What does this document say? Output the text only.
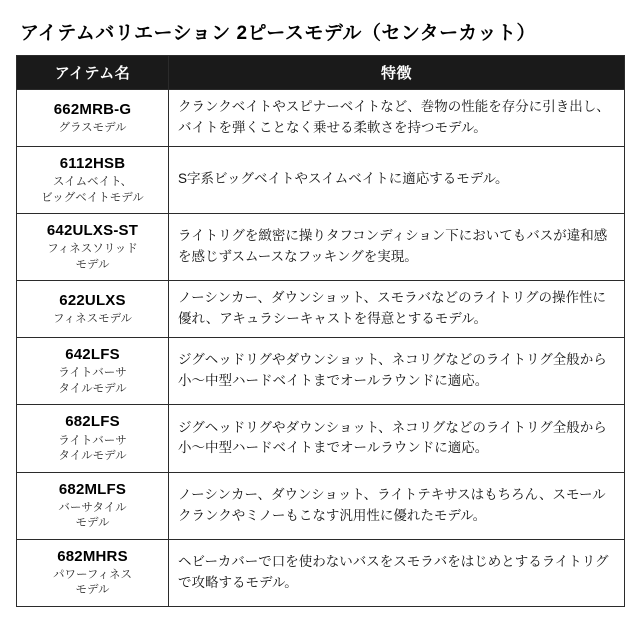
アイテムバリエーション 2ピースモデル（センターカット）
アイテム名	特徴

662MRB-G
グラスモデル	クランクベイトやスピナーベイトなど、巻物の性能を存分に引き出し、バイトを弾くことなく乗せる柔軟さを持つモデル。

6112HSB
スイムベイト、
ビッグベイトモデル	S字系ビッグベイトやスイムベイトに適応するモデル。

642ULXS-ST
フィネスソリッド
モデル	ライトリグを緻密に操りタフコンディション下においてもバスが違和感を感じずスムースなフッキングを実現。

622ULXS
フィネスモデル	ノーシンカー、ダウンショット、スモラバなどのライトリグの操作性に優れ、アキュラシーキャストを得意とするモデル。

642LFS
ライトバーサ
タイルモデル	ジグヘッドリグやダウンショット、ネコリグなどのライトリグ全般から小〜中型ハードベイトまでオールラウンドに適応。

682LFS
ライトバーサ
タイルモデル	ジグヘッドリグやダウンショット、ネコリグなどのライトリグ全般から小〜中型ハードベイトまでオールラウンドに適応。

682MLFS
バーサタイル
モデル	ノーシンカー、ダウンショット、ライトテキサスはもちろん、スモールクランクやミノーもこなす汎用性に優れたモデル。

682MHRS
パワーフィネス
モデル	ヘビーカバーで口を使わないバスをスモラバをはじめとするライトリグで攻略するモデル。
